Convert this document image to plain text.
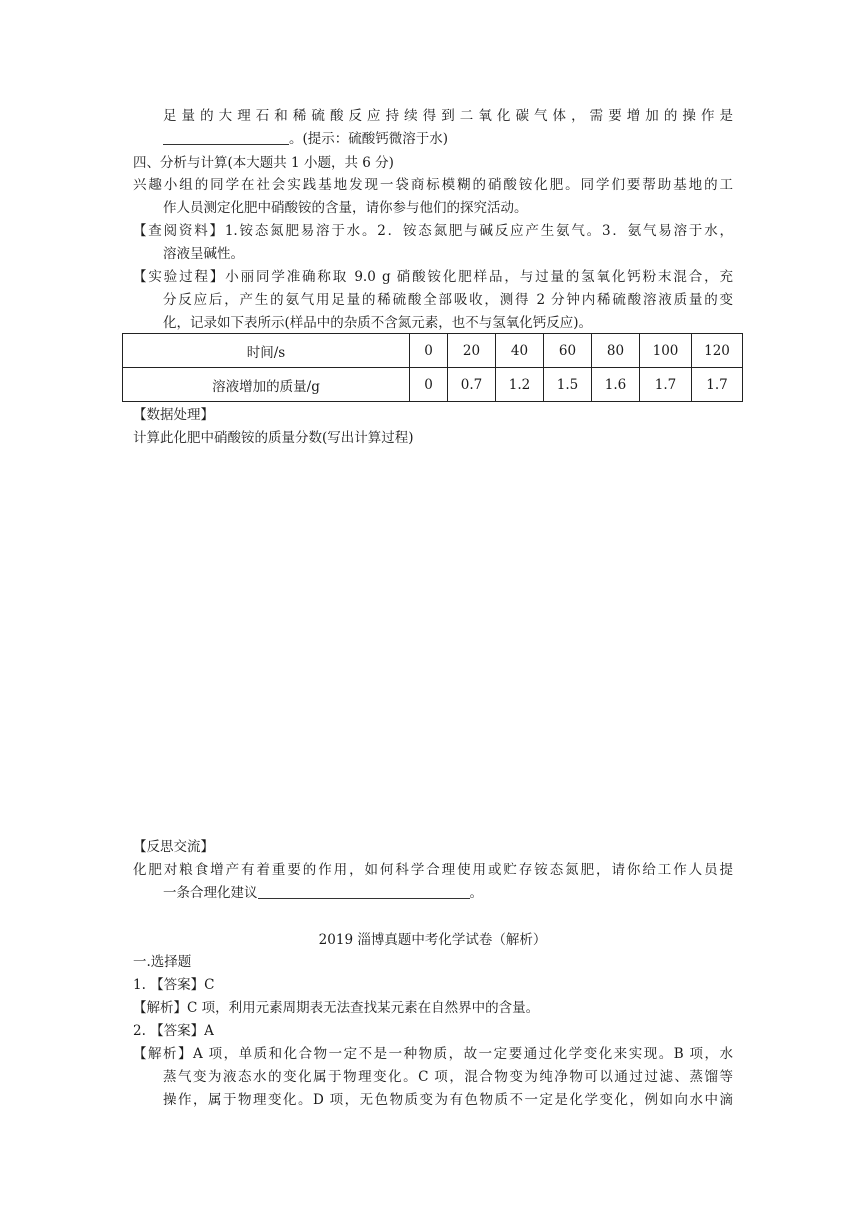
足量的大理石和稀硫酸反应持续得到二氧化碳气体，需要增加的操作是
。(提示：硫酸钙微溶于水)
四、分析与计算(本大题共 1 小题，共 6 分)
兴趣小组的同学在社会实践基地发现一袋商标模糊的硝酸铵化肥。同学们要帮助基地的工
作人员测定化肥中硝酸铵的含量，请你参与他们的探究活动。
【查阅资料】1.铵态氮肥易溶于水。2．铵态氮肥与碱反应产生氨气。3．氨气易溶于水，
溶液呈碱性。
【实验过程】小丽同学准确称取 9.0 g 硝酸铵化肥样品，与过量的氢氧化钙粉末混合，充
分反应后，产生的氨气用足量的稀硫酸全部吸收，测得 2 分钟内稀硫酸溶液质量的变
化，记录如下表所示(样品中的杂质不含氮元素，也不与氢氧化钙反应)。
时间/s	0	20	40	60	80	100	120
溶液增加的质量/g	0	0.7	1.2	1.5	1.6	1.7	1.7
【数据处理】
计算此化肥中硝酸铵的质量分数(写出计算过程)
【反思交流】
化肥对粮食增产有着重要的作用，如何科学合理使用或贮存铵态氮肥，请你给工作人员提
一条合理化建议	。
2019 淄博真题中考化学试卷（解析）
一.选择题
1. 【答案】C
【解析】C 项，利用元素周期表无法查找某元素在自然界中的含量。
2. 【答案】A
【解析】A 项，单质和化合物一定不是一种物质，故一定要通过化学变化来实现。B 项，水
蒸气变为液态水的变化属于物理变化。C 项，混合物变为纯净物可以通过过滤、蒸馏等
操作，属于物理变化。D 项，无色物质变为有色物质不一定是化学变化，例如向水中滴
